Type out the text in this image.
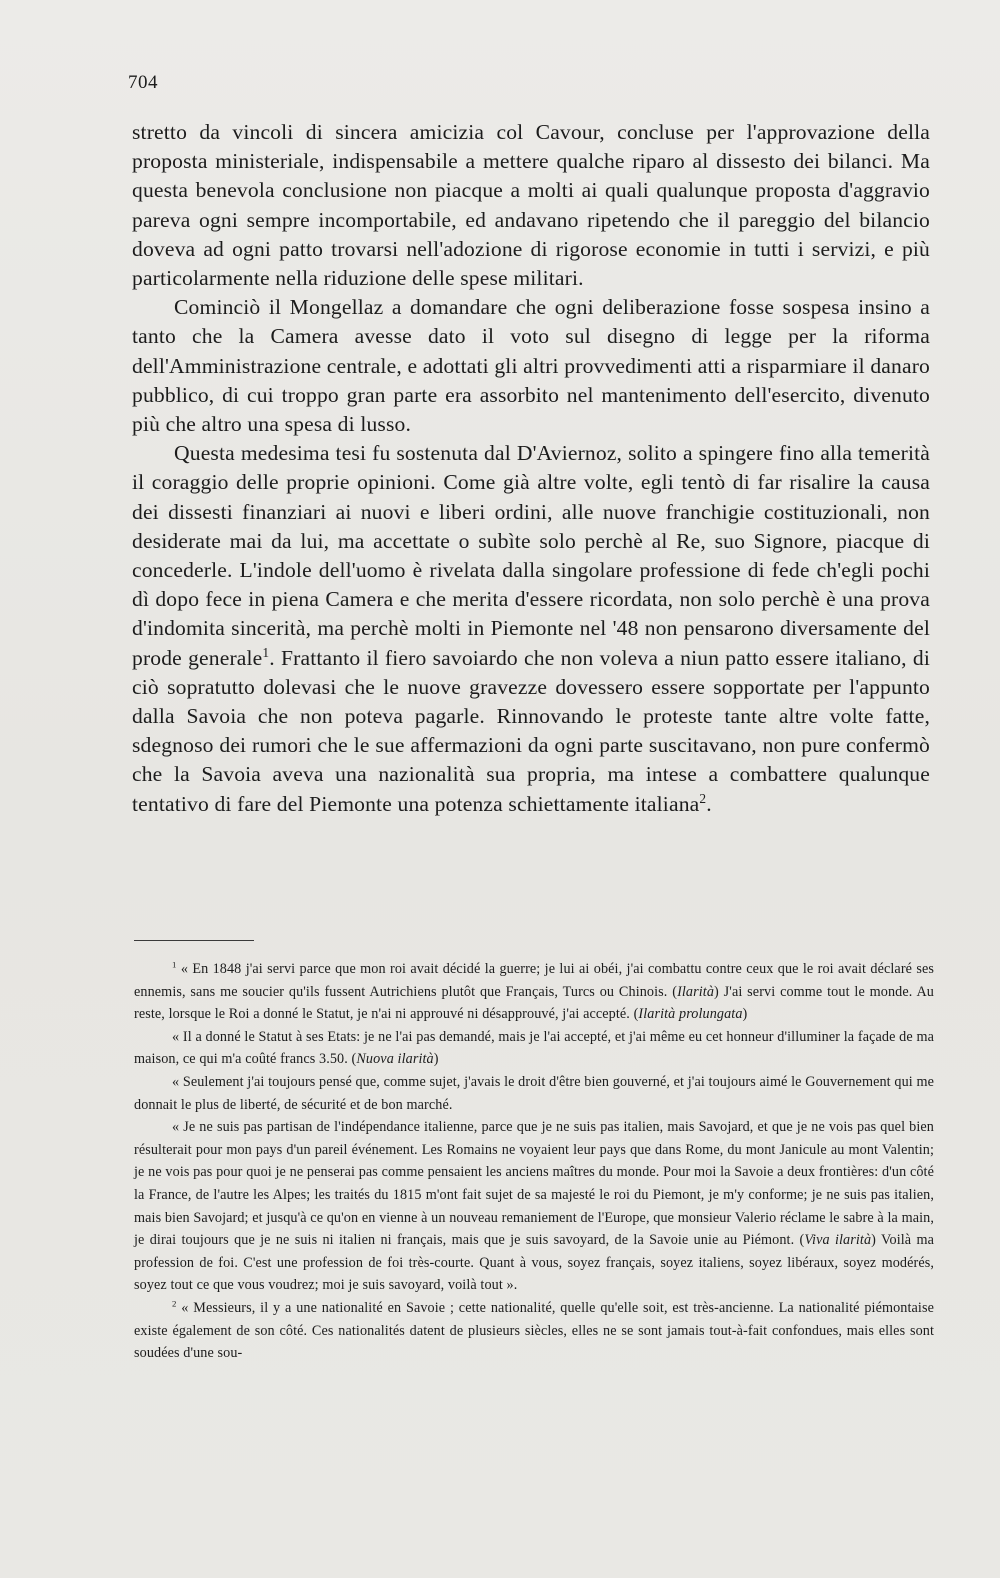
704

stretto da vincoli di sincera amicizia col Cavour, concluse per l'approvazione della proposta ministeriale, indispensabile a mettere qualche riparo al dissesto dei bilanci. Ma questa benevola conclusione non piacque a molti ai quali qualunque proposta d'aggravio pareva ogni sempre incomportabile, ed andavano ripetendo che il pareggio del bilancio doveva ad ogni patto trovarsi nell'adozione di rigorose economie in tutti i servizi, e più particolarmente nella riduzione delle spese militari.

Cominciò il Mongellaz a domandare che ogni deliberazione fosse sospesa insino a tanto che la Camera avesse dato il voto sul disegno di legge per la riforma dell'Amministrazione centrale, e adottati gli altri provvedimenti atti a risparmiare il danaro pubblico, di cui troppo gran parte era assorbito nel mantenimento dell'esercito, divenuto più che altro una spesa di lusso.

Questa medesima tesi fu sostenuta dal D'Aviernoz, solito a spingere fino alla temerità il coraggio delle proprie opinioni. Come già altre volte, egli tentò di far risalire la causa dei dissesti finanziari ai nuovi e liberi ordini, alle nuove franchigie costituzionali, non desiderate mai da lui, ma accettate o subìte solo perchè al Re, suo Signore, piacque di concederle. L'indole dell'uomo è rivelata dalla singolare professione di fede ch'egli pochi dì dopo fece in piena Camera e che merita d'essere ricordata, non solo perchè è una prova d'indomita sincerità, ma perchè molti in Piemonte nel '48 non pensarono diversamente del prode generale$^1$. Frattanto il fiero savoiardo che non voleva a niun patto essere italiano, di ciò sopratutto dolevasi che le nuove gravezze dovessero essere sopportate per l'appunto dalla Savoia che non poteva pagarle. Rinnovando le proteste tante altre volte fatte, sdegnoso dei rumori che le sue affermazioni da ogni parte suscitavano, non pure confermò che la Savoia aveva una nazionalità sua propria, ma intese a combattere qualunque tentativo di fare del Piemonte una potenza schiettamente italiana$^2$.

$^1$ « En 1848 j'ai servi parce que mon roi avait décidé la guerre; je lui ai obéi, j'ai combattu contre ceux que le roi avait déclaré ses ennemis, sans me soucier qu'ils fussent Autrichiens plutôt que Français, Turcs ou Chinois. (Ilarità) J'ai servi comme tout le monde. Au reste, lorsque le Roi a donné le Statut, je n'ai ni approuvé ni désapprouvé, j'ai accepté. (Ilarità prolungata)

« Il a donné le Statut à ses Etats: je ne l'ai pas demandé, mais je l'ai accepté, et j'ai même eu cet honneur d'illuminer la façade de ma maison, ce qui m'a coûté francs 3.50. (Nuova ilarità)

« Seulement j'ai toujours pensé que, comme sujet, j'avais le droit d'être bien gouverné, et j'ai toujours aimé le Gouvernement qui me donnait le plus de liberté, de sécurité et de bon marché.

« Je ne suis pas partisan de l'indépendance italienne, parce que je ne suis pas italien, mais Savojard, et que je ne vois pas quel bien résulterait pour mon pays d'un pareil événement. Les Romains ne voyaient leur pays que dans Rome, du mont Janicule au mont Valentin; je ne vois pas pour quoi je ne penserai pas comme pensaient les anciens maîtres du monde. Pour moi la Savoie a deux frontières: d'un côté la France, de l'autre les Alpes; les traités du 1815 m'ont fait sujet de sa majesté le roi du Piemont, je m'y conforme; je ne suis pas italien, mais bien Savojard; et jusqu'à ce qu'on en vienne à un nouveau remaniement de l'Europe, que monsieur Valerio réclame le sabre à la main, je dirai toujours que je ne suis ni italien ni français, mais que je suis savoyard, de la Savoie unie au Piémont. (Viva ilarità) Voilà ma profession de foi. C'est une profession de foi très-courte. Quant à vous, soyez français, soyez italiens, soyez libéraux, soyez modérés, soyez tout ce que vous voudrez; moi je suis savoyard, voilà tout ».

$^2$ « Messieurs, il y a une nationalité en Savoie ; cette nationalité, quelle qu'elle soit, est très-ancienne. La nationalité piémontaise existe également de son côté. Ces nationalités datent de plusieurs siècles, elles ne se sont jamais tout-à-fait confondues, mais elles sont soudées d'une sou-
